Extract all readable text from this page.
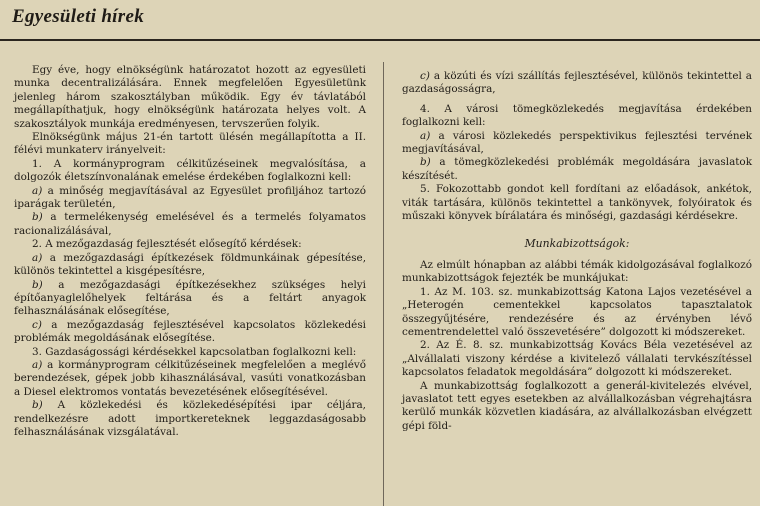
Egyesületi hírek

Egy éve, hogy elnökségünk határozatot hozott az egyesületi munka decentralizálására. Ennek megfelelően Egyesületünk jelenleg három szakosztályban működik. Egy év távlatából megállapíthatjuk, hogy elnökségünk határozata helyes volt. A szakosztályok munkája eredményesen, tervszerűen folyik.

Elnökségünk május 21-én tartott ülésén megállapította a II. félévi munkaterv irányelveit:

1. A kormányprogram célkitűzéseinek megvalósítása, a dolgozók életszínvonalának emelése érdekében foglalkozni kell:

a) a minőség megjavításával az Egyesület profiljához tartozó iparágak területén,

b) a termelékenység emelésével és a termelés folyamatos racionalizálásával,

2. A mezőgazdaság fejlesztését elősegítő kérdések:

a) a mezőgazdasági építkezések földmunkáinak gépesítése, különös tekintettel a kisgépesítésre,

b) a mezőgazdasági építkezésekhez szükséges helyi építőanyaglelőhelyek feltárása és a feltárt anyagok felhasználásának elősegítése,

c) a mezőgazdaság fejlesztésével kapcsolatos közlekedési problémák megoldásának elősegítése.

3. Gazdaságossági kérdésekkel kapcsolatban foglalkozni kell:

a) a kormányprogram célkitűzéseinek megfelelően a meglévő berendezések, gépek jobb kihasználásával, vasúti vonatkozásban a Diesel elektromos vontatás bevezetésének elősegítésével.

b) A közlekedési és közlekedésépítési ipar céljára, rendelkezésre adott importkereteknek leggazdaságosabb felhasználásának vizsgálatával.

c) a közúti és vízi szállítás fejlesztésével, különös tekintettel a gazdaságosságra,

4. A városi tömegközlekedés megjavítása érdekében foglalkozni kell:

a) a városi közlekedés perspektivikus fejlesztési tervének megjavításával,

b) a tömegközlekedési problémák megoldására javaslatok készítését.

5. Fokozottabb gondot kell fordítani az előadások, ankétok, viták tartására, különös tekintettel a tankönyvek, folyóiratok és műszaki könyvek bírálatára és minőségi, gazdasági kérdésekre.

Munkabizottságok:

Az elmúlt hónapban az alábbi témák kidolgozásával foglalkozó munkabizottságok fejezték be munkájukat:

1. Az M. 103. sz. munkabizottság Katona Lajos vezetésével a „Heterogén cementekkel kapcsolatos tapasztalatok összegyűjtésére, rendezésére és az érvényben lévő cementrendelettel való összevetésére” dolgozott ki módszereket.

2. Az É. 8. sz. munkabizottság Kovács Béla vezetésével az „Alvállalati viszony kérdése a kivitelező vállalati tervkészítéssel kapcsolatos feladatok megoldására” dolgozott ki módszereket.

A munkabizottság foglalkozott a generál-kivitelezés elvével, javaslatot tett egyes esetekben az alvállalkozásban végrehajtásra kerülő munkák közvetlen kiadására, az alvállalkozásban elvégzett gépi föld-
